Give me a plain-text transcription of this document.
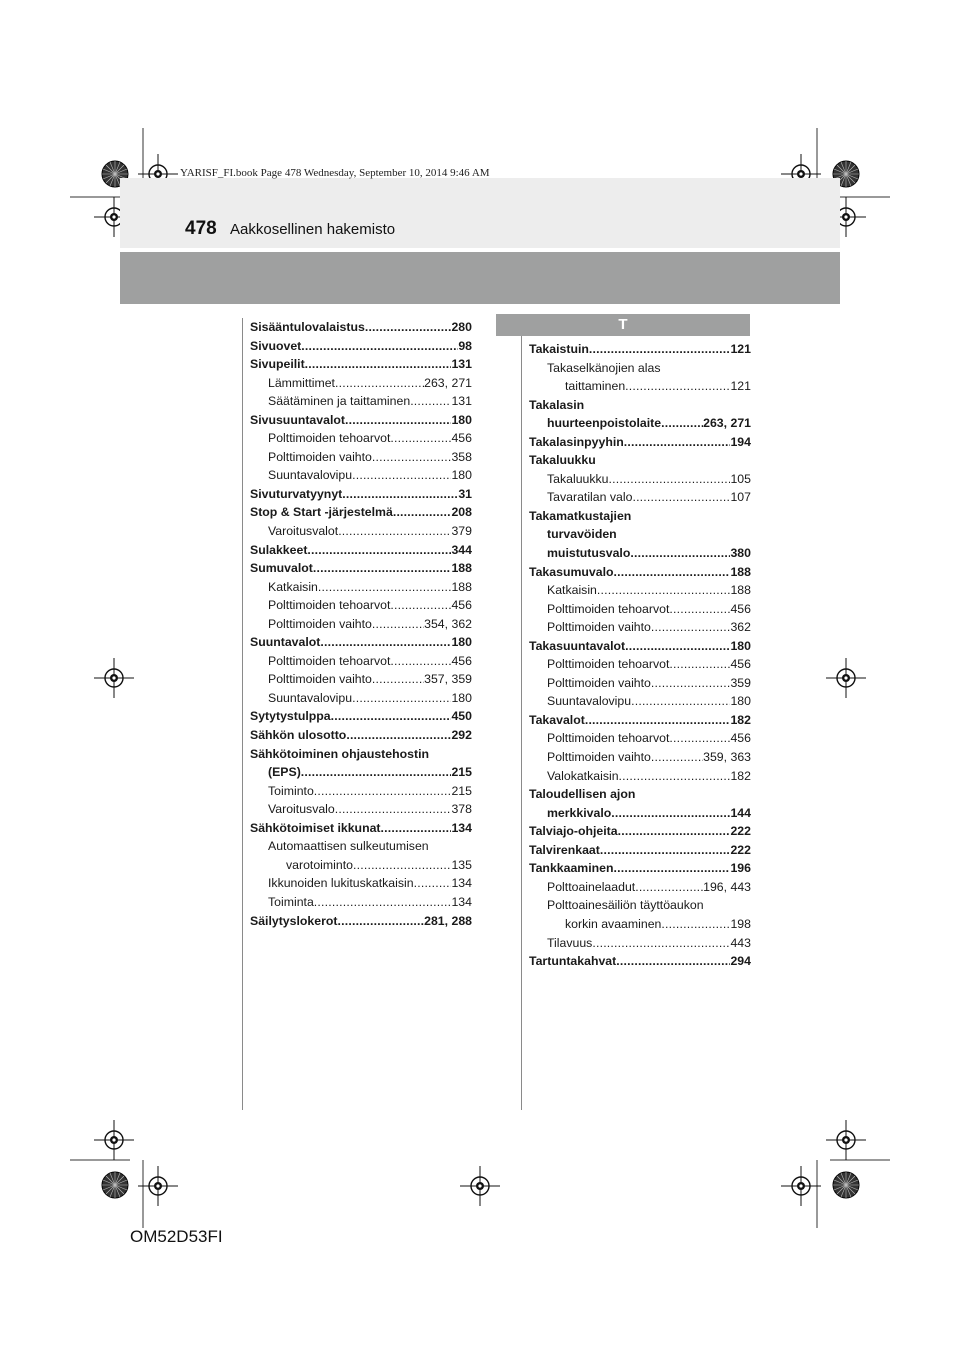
YARISF_FI.book Page 478 Wednesday, September 10, 2014 9:46 AM
478 Aakkosellinen hakemisto
T
Sisääntulovalaistus .....	280
Sivuovet .....	98
Sivupeilit .....	131
Lämmittimet .....	263, 271
Säätäminen ja taittaminen .....	131
Sivusuuntavalot .....	180
Polttimoiden tehoarvot .....	456
Polttimoiden vaihto .....	358
Suuntavalovipu .....	180
Sivuturvatyynyt .....	31
Stop & Start -järjestelmä .....	208
Varoitusvalot .....	379
Sulakkeet .....	344
Sumuvalot .....	188
Katkaisin .....	188
Polttimoiden tehoarvot .....	456
Polttimoiden vaihto .....	354, 362
Suuntavalot .....	180
Polttimoiden tehoarvot .....	456
Polttimoiden vaihto .....	357, 359
Suuntavalovipu .....	180
Sytytystulppa .....	450
Sähkön ulosotto .....	292
Sähkötoiminen ohjaustehostin
(EPS) .....	215
Toiminto .....	215
Varoitusvalo .....	378
Sähkötoimiset ikkunat .....	134
Automaattisen sulkeutumisen
varotoiminto .....	135
Ikkunoiden lukituskatkaisin .....	134
Toiminta .....	134
Säilytyslokerot .....	281, 288
Takaistuin .....	121
Takaselkänojien alas
taittaminen .....	121
Takalasin
huurteenpoistolaite .....	263, 271
Takalasinpyyhin .....	194
Takaluukku
Takaluukku .....	105
Tavaratilan valo .....	107
Takamatkustajien
turvavöiden
muistutusvalo .....	380
Takasumuvalo .....	188
Katkaisin .....	188
Polttimoiden tehoarvot .....	456
Polttimoiden vaihto .....	362
Takasuuntavalot .....	180
Polttimoiden tehoarvot .....	456
Polttimoiden vaihto .....	359
Suuntavalovipu .....	180
Takavalot .....	182
Polttimoiden tehoarvot .....	456
Polttimoiden vaihto .....	359, 363
Valokatkaisin .....	182
Taloudellisen ajon
merkkivalo .....	144
Talviajo-ohjeita .....	222
Talvirenkaat .....	222
Tankkaaminen .....	196
Polttoainelaadut .....	196, 443
Polttoainesäiliön täyttöaukon
korkin avaaminen .....	198
Tilavuus .....	443
Tartuntakahvat .....	294
OM52D53FI
